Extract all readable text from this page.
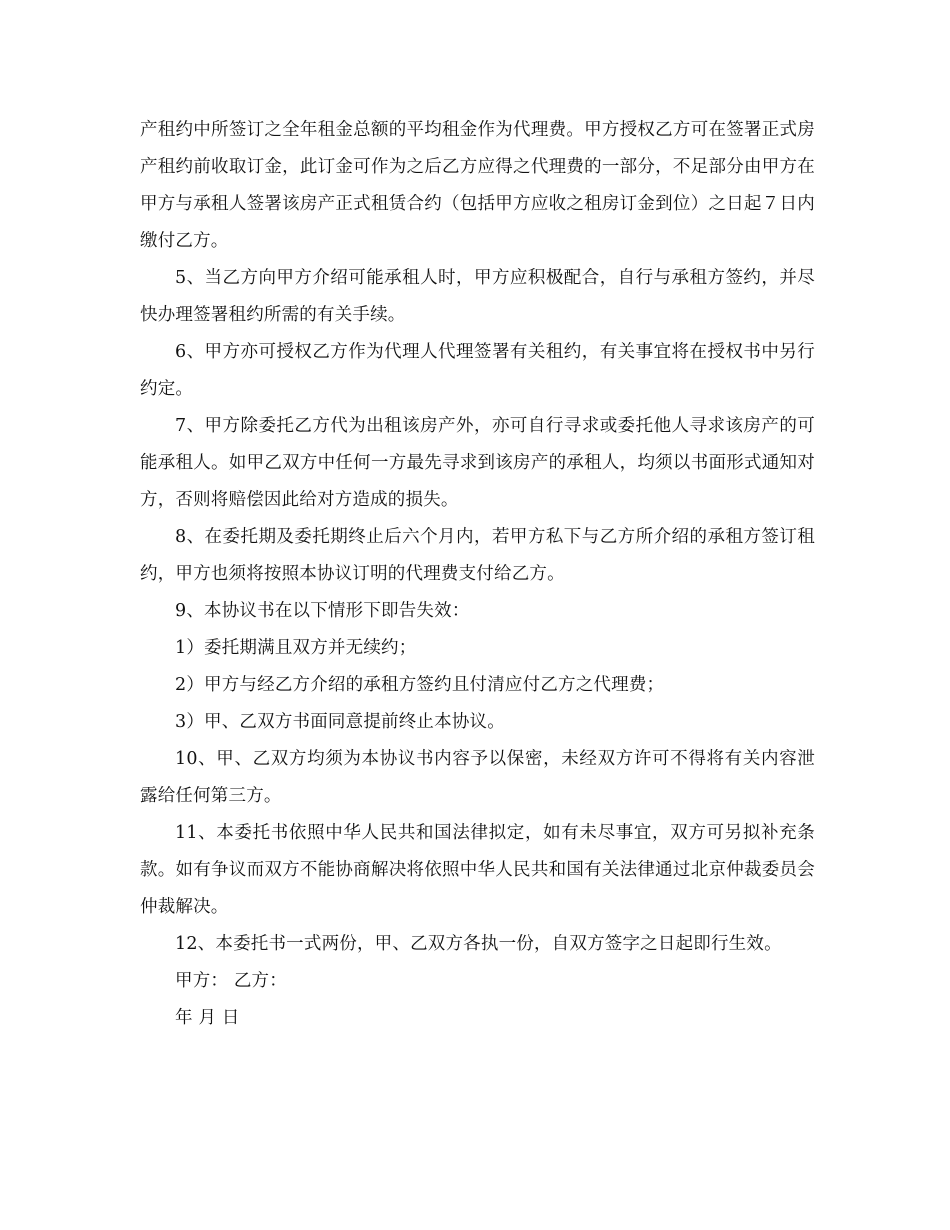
产租约中所签订之全年租金总额的平均租金作为代理费。甲方授权乙方可在签署正式房产租约前收取订金，此订金可作为之后乙方应得之代理费的一部分，不足部分由甲方在甲方与承租人签署该房产正式租赁合约（包括甲方应收之租房订金到位）之日起７日内缴付乙方。

5、当乙方向甲方介绍可能承租人时，甲方应积极配合，自行与承租方签约，并尽快办理签署租约所需的有关手续。

6、甲方亦可授权乙方作为代理人代理签署有关租约，有关事宜将在授权书中另行约定。

7、甲方除委托乙方代为出租该房产外，亦可自行寻求或委托他人寻求该房产的可能承租人。如甲乙双方中任何一方最先寻求到该房产的承租人，均须以书面形式通知对方，否则将赔偿因此给对方造成的损失。

8、在委托期及委托期终止后六个月内，若甲方私下与乙方所介绍的承租方签订租约，甲方也须将按照本协议订明的代理费支付给乙方。

9、本协议书在以下情形下即告失效：

1）委托期满且双方并无续约；

2）甲方与经乙方介绍的承租方签约且付清应付乙方之代理费；

3）甲、乙双方书面同意提前终止本协议。

10、甲、乙双方均须为本协议书内容予以保密，未经双方许可不得将有关内容泄露给任何第三方。

11、本委托书依照中华人民共和国法律拟定，如有未尽事宜，双方可另拟补充条款。如有争议而双方不能协商解决将依照中华人民共和国有关法律通过北京仲裁委员会仲裁解决。

12、本委托书一式两份，甲、乙双方各执一份，自双方签字之日起即行生效。

甲方： 乙方：

年 月 日
